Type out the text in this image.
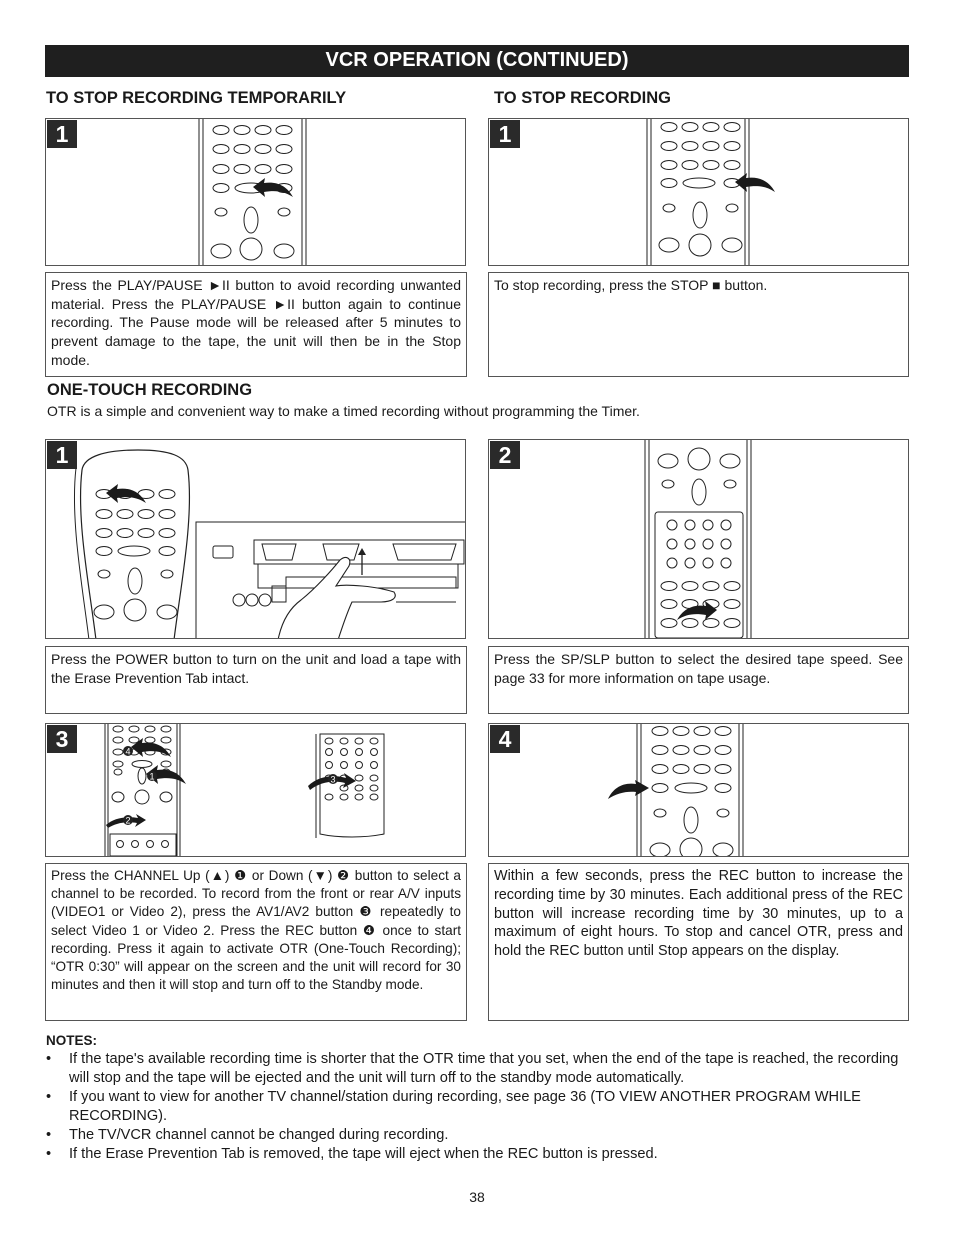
VCR OPERATION (CONTINUED)
TO STOP RECORDING TEMPORARILY	TO STOP RECORDING
1	1
Press the PLAY/PAUSE ►II button to avoid recording unwanted material. Press the PLAY/PAUSE ►II button again to continue recording. The Pause mode will be released after 5 minutes to prevent damage to the tape, the unit will then be in the Stop mode.
To stop recording, press the STOP ■ button.
ONE-TOUCH RECORDING
OTR is a simple and convenient way to make a timed recording without programming the Timer.
1	2
Press the POWER button to turn on the unit and load a tape with the Erase Prevention Tab intact.
Press the SP/SLP button to select the desired tape speed. See page 33 for more information on tape usage.
3	4
1
2
3
4
Press the CHANNEL Up (▲) ❶ or Down (▼) ❷ button to select a channel to be recorded. To record from the front or rear A/V inputs (VIDEO1 or Video 2), press the AV1/AV2 button ❸ repeatedly to select Video 1 or Video 2. Press the REC button ❹ once to start recording. Press it again to activate OTR (One-Touch Recording); “OTR 0:30” will appear on the screen and the unit will record for 30 minutes and then it will stop and turn off to the Standby mode.
Within a few seconds, press the REC button to increase the recording time by 30 minutes. Each additional press of the REC button will increase recording time by 30 minutes, up to a maximum of eight hours. To stop and cancel OTR, press and hold the REC button until Stop appears on the display.
NOTES:
• If the tape's available recording time is shorter that the OTR time that you set, when the end of the tape is reached, the recording will stop and the tape will be ejected and the unit will turn off to the standby mode automatically.
• If you want to view for another TV channel/station during recording, see page 36 (TO VIEW ANOTHER PROGRAM WHILE RECORDING).
• The TV/VCR channel cannot be changed during recording.
• If the Erase Prevention Tab is removed, the tape will eject when the REC button is pressed.
38
